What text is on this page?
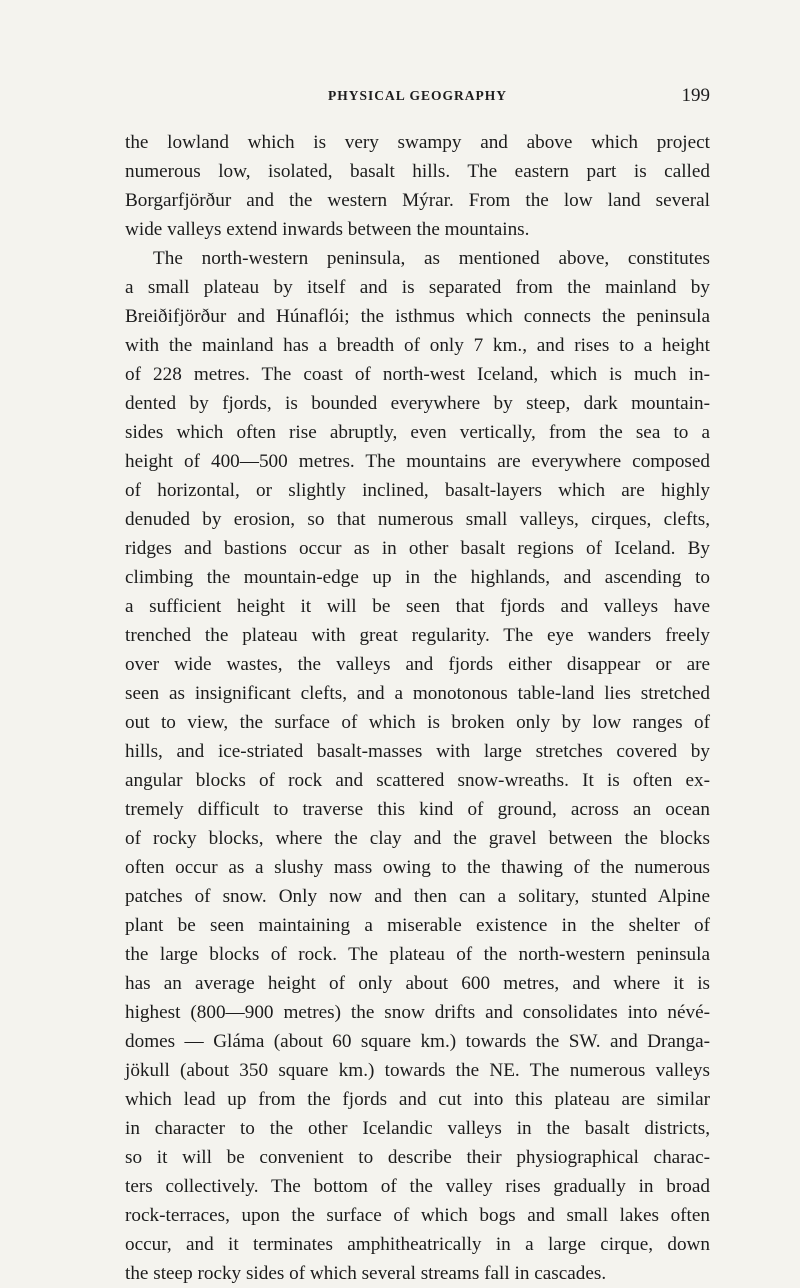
PHYSICAL GEOGRAPHY	199
the lowland which is very swampy and above which project
numerous low, isolated, basalt hills. The eastern part is called
Borgarfjörður and the western Mýrar. From the low land several
wide valleys extend inwards between the mountains.
The north-western peninsula, as mentioned above, constitutes
a small plateau by itself and is separated from the mainland by
Breiðifjörður and Húnaflói; the isthmus which connects the peninsula
with the mainland has a breadth of only 7 km., and rises to a height
of 228 metres. The coast of north-west Iceland, which is much in-
dented by fjords, is bounded everywhere by steep, dark mountain-
sides which often rise abruptly, even vertically, from the sea to a
height of 400—500 metres. The mountains are everywhere composed
of horizontal, or slightly inclined, basalt-layers which are highly
denuded by erosion, so that numerous small valleys, cirques, clefts,
ridges and bastions occur as in other basalt regions of Iceland. By
climbing the mountain-edge up in the highlands, and ascending to
a sufficient height it will be seen that fjords and valleys have
trenched the plateau with great regularity. The eye wanders freely
over wide wastes, the valleys and fjords either disappear or are
seen as insignificant clefts, and a monotonous table-land lies stretched
out to view, the surface of which is broken only by low ranges of
hills, and ice-striated basalt-masses with large stretches covered by
angular blocks of rock and scattered snow-wreaths. It is often ex-
tremely difficult to traverse this kind of ground, across an ocean
of rocky blocks, where the clay and the gravel between the blocks
often occur as a slushy mass owing to the thawing of the numerous
patches of snow. Only now and then can a solitary, stunted Alpine
plant be seen maintaining a miserable existence in the shelter of
the large blocks of rock. The plateau of the north-western peninsula
has an average height of only about 600 metres, and where it is
highest (800—900 metres) the snow drifts and consolidates into névé-
domes — Gláma (about 60 square km.) towards the SW. and Dranga-
jökull (about 350 square km.) towards the NE. The numerous valleys
which lead up from the fjords and cut into this plateau are similar
in character to the other Icelandic valleys in the basalt districts,
so it will be convenient to describe their physiographical charac-
ters collectively. The bottom of the valley rises gradually in broad
rock-terraces, upon the surface of which bogs and small lakes often
occur, and it terminates amphitheatrically in a large cirque, down
the steep rocky sides of which several streams fall in cascades.
